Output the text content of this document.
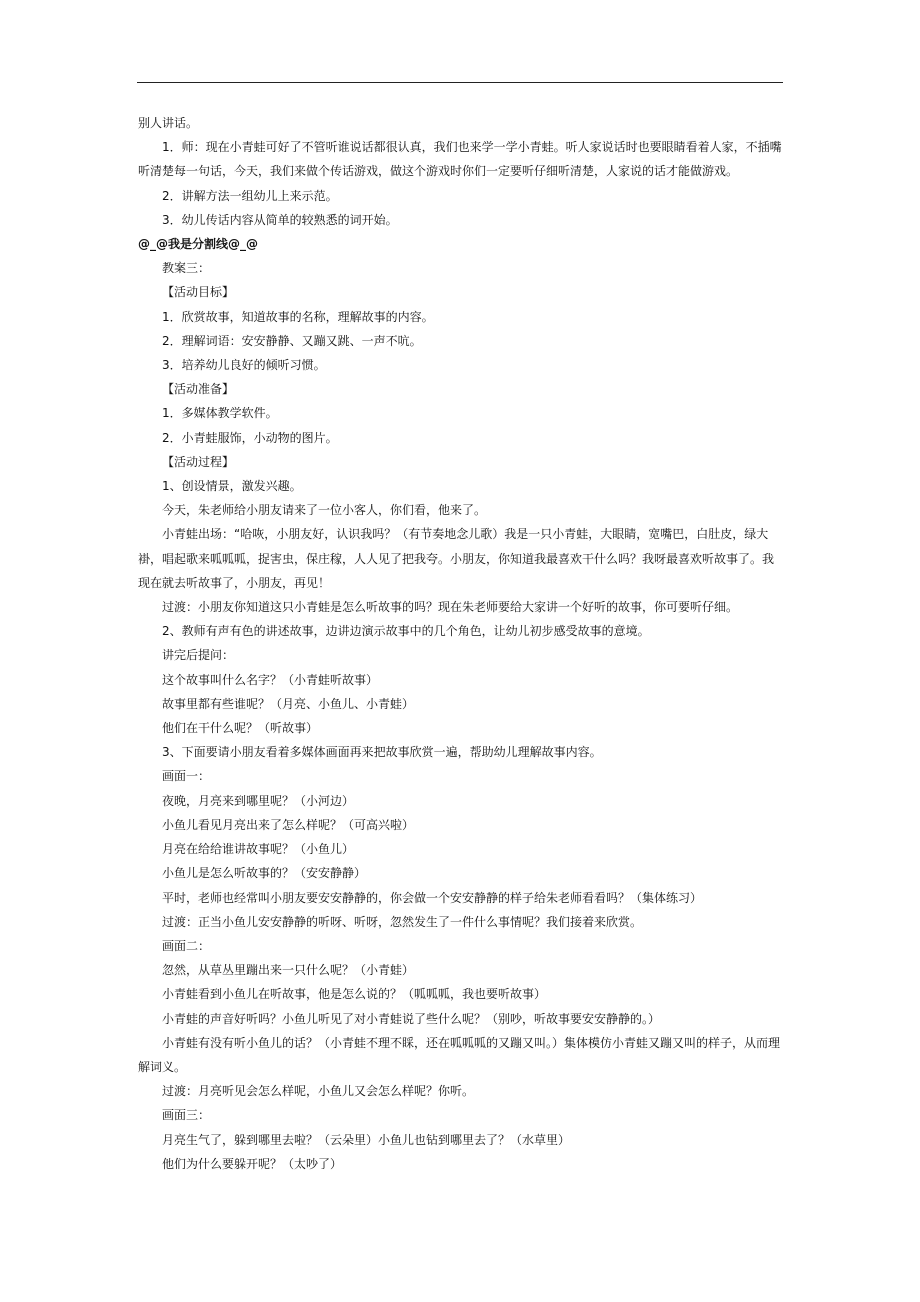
别人讲话。

1．师：现在小青蛙可好了不管听谁说话都很认真，我们也来学一学小青蛙。听人家说话时也要眼睛看着人家，不插嘴听清楚每一句话，今天，我们来做个传话游戏，做这个游戏时你们一定要听仔细听清楚，人家说的话才能做游戏。

2．讲解方法一组幼儿上来示范。

3．幼儿传话内容从简单的较熟悉的词开始。

@_@我是分割线@_@

教案三：

【活动目标】

1．欣赏故事，知道故事的名称，理解故事的内容。

2．理解词语：安安静静、又蹦又跳、一声不吭。

3．培养幼儿良好的倾听习惯。

【活动准备】

1．多媒体教学软件。

2．小青蛙服饰，小动物的图片。

【活动过程】

1、创设情景，激发兴趣。

今天，朱老师给小朋友请来了一位小客人，你们看，他来了。

小青蛙出场：“哈咴，小朋友好，认识我吗？（有节奏地念儿歌）我是一只小青蛙，大眼睛，宽嘴巴，白肚皮，绿大褂，唱起歌来呱呱呱，捉害虫，保庄稼，人人见了把我夸。小朋友，你知道我最喜欢干什么吗？我呀最喜欢听故事了。我现在就去听故事了，小朋友，再见！

过渡：小朋友你知道这只小青蛙是怎么听故事的吗？现在朱老师要给大家讲一个好听的故事，你可要听仔细。

2、教师有声有色的讲述故事，边讲边演示故事中的几个角色，让幼儿初步感受故事的意境。

讲完后提问：

这个故事叫什么名字？（小青蛙听故事）

故事里都有些谁呢？（月亮、小鱼儿、小青蛙）

他们在干什么呢？（听故事）

3、下面要请小朋友看着多媒体画面再来把故事欣赏一遍，帮助幼儿理解故事内容。

画面一：

夜晚，月亮来到哪里呢？（小河边）

小鱼儿看见月亮出来了怎么样呢？（可高兴啦）

月亮在给给谁讲故事呢？（小鱼儿）

小鱼儿是怎么听故事的？（安安静静）

平时，老师也经常叫小朋友要安安静静的，你会做一个安安静静的样子给朱老师看看吗？（集体练习）

过渡：正当小鱼儿安安静静的听呀、听呀，忽然发生了一件什么事情呢？我们接着来欣赏。

画面二：

忽然，从草丛里蹦出来一只什么呢？（小青蛙）

小青蛙看到小鱼儿在听故事，他是怎么说的？（呱呱呱，我也要听故事）

小青蛙的声音好听吗？小鱼儿听见了对小青蛙说了些什么呢？（别吵，听故事要安安静静的。）

小青蛙有没有听小鱼儿的话？（小青蛙不理不睬，还在呱呱呱的又蹦又叫。）集体模仿小青蛙又蹦又叫的样子，从而理解词义。

过渡：月亮听见会怎么样呢，小鱼儿又会怎么样呢？你听。

画面三：

月亮生气了，躲到哪里去啦？（云朵里）小鱼儿也钻到哪里去了？（水草里）

他们为什么要躲开呢？（太吵了）
